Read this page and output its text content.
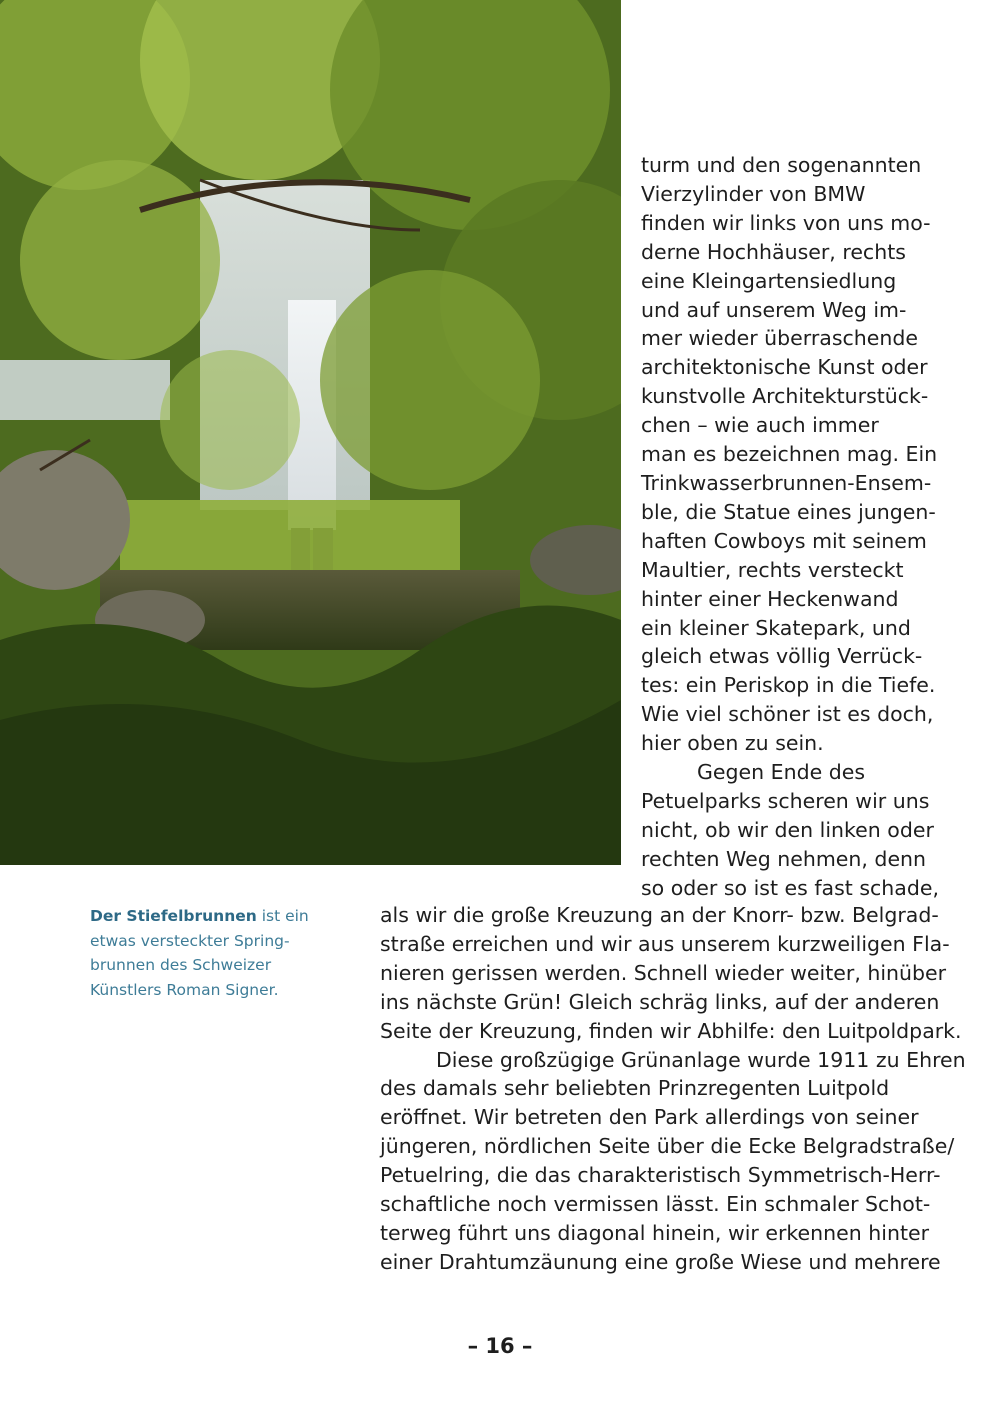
Der Stiefelbrunnen ist ein
etwas versteckter Spring-
brunnen des Schweizer
Künstlers Roman Signer.
turm und den sogenannten
Vierzylinder von BMW
finden wir links von uns mo-
derne Hochhäuser, rechts
eine Kleingartensiedlung
und auf unserem Weg im-
mer wieder überraschende
architektonische Kunst oder
kunstvolle Architekturstück-
chen – wie auch immer
man es bezeichnen mag. Ein
Trinkwasserbrunnen-Ensem-
ble, die Statue eines jungen-
haften Cowboys mit seinem
Maultier, rechts versteckt
hinter einer Heckenwand
ein kleiner Skatepark, und
gleich etwas völlig Verrück-
tes: ein Periskop in die Tiefe.
Wie viel schöner ist es doch,
hier oben zu sein.
Gegen Ende des
Petuelparks scheren wir uns
nicht, ob wir den linken oder
rechten Weg nehmen, denn
so oder so ist es fast schade,
als wir die große Kreuzung an der Knorr- bzw. Belgrad-
straße erreichen und wir aus unserem kurzweiligen Fla-
nieren gerissen werden. Schnell wieder weiter, hinüber
ins nächste Grün! Gleich schräg links, auf der anderen
Seite der Kreuzung, finden wir Abhilfe: den Luitpoldpark.
Diese großzügige Grünanlage wurde 1911 zu Ehren
des damals sehr beliebten Prinzregenten Luitpold
eröffnet. Wir betreten den Park allerdings von seiner
jüngeren, nördlichen Seite über die Ecke Belgradstraße/
Petuelring, die das charakteristisch Symmetrisch-Herr-
schaftliche noch vermissen lässt. Ein schmaler Schot-
terweg führt uns diagonal hinein, wir erkennen hinter
einer Drahtumzäunung eine große Wiese und mehrere
– 16 –
